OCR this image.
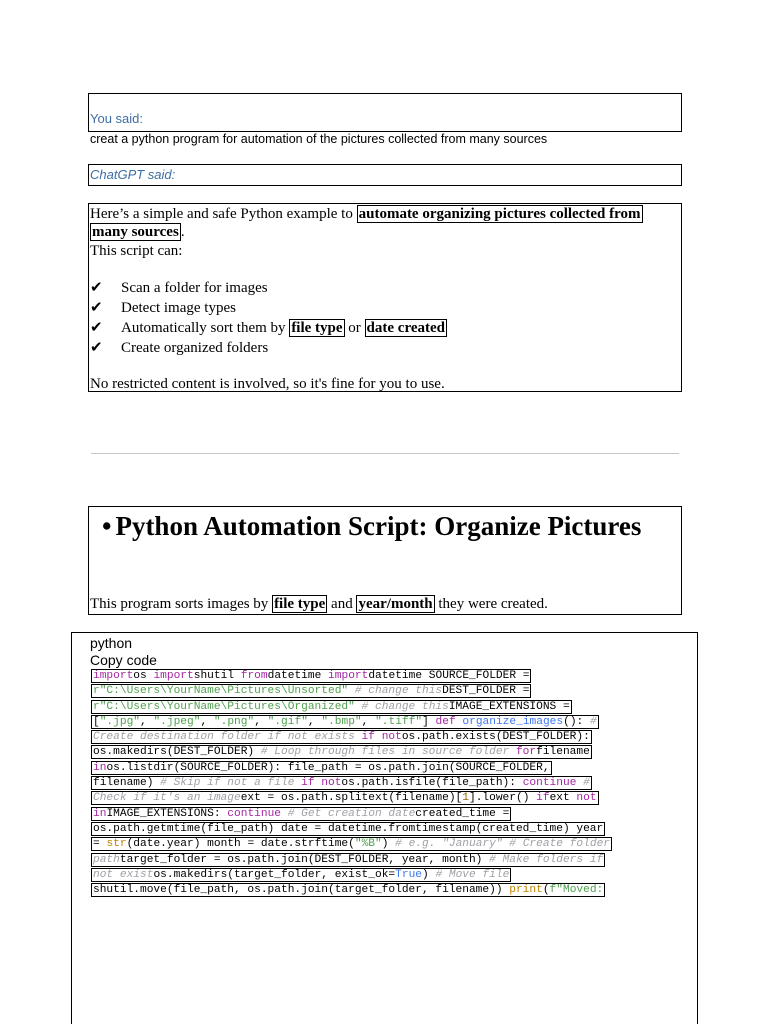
You said:
creat a python program for automation of the pictures collected from many sources
ChatGPT said:
Here’s a simple and safe Python example to automate organizing pictures collected from
many sources .
This script can:
✔ Scan a folder for images
✔ Detect image types
✔ Automatically sort them by file type or date created
✔ Create organized folders
No restricted content is involved, so it's fine for you to use.
• Python Automation Script: Organize Pictures
This program sorts images by file type and year/month they were created.
python
Copy code
importos importshutil fromdatetime importdatetime SOURCE_FOLDER =
r"C:\Users\YourName\Pictures\Unsorted" # change thisDEST_FOLDER =
r"C:\Users\YourName\Pictures\Organized" # change thisIMAGE_EXTENSIONS =
[".jpg", ".jpeg", ".png", ".gif", ".bmp", ".tiff"] def organize_images(): #
Create destination folder if not exists if notos.path.exists(DEST_FOLDER):
os.makedirs(DEST_FOLDER) # Loop through files in source folder forfilename
inos.listdir(SOURCE_FOLDER): file_path = os.path.join(SOURCE_FOLDER,
filename) # Skip if not a file if notos.path.isfile(file_path): continue #
Check if it's an imageext = os.path.splitext(filename)[1].lower() ifext not
inIMAGE_EXTENSIONS: continue # Get creation datecreated_time =
os.path.getmtime(file_path) date = datetime.fromtimestamp(created_time) year
= str(date.year) month = date.strftime("%B") # e.g. "January" # Create folder
pathtarget_folder = os.path.join(DEST_FOLDER, year, month) # Make folders if
not existos.makedirs(target_folder, exist_ok=True) # Move file
shutil.move(file_path, os.path.join(target_folder, filename)) print(f"Moved:
